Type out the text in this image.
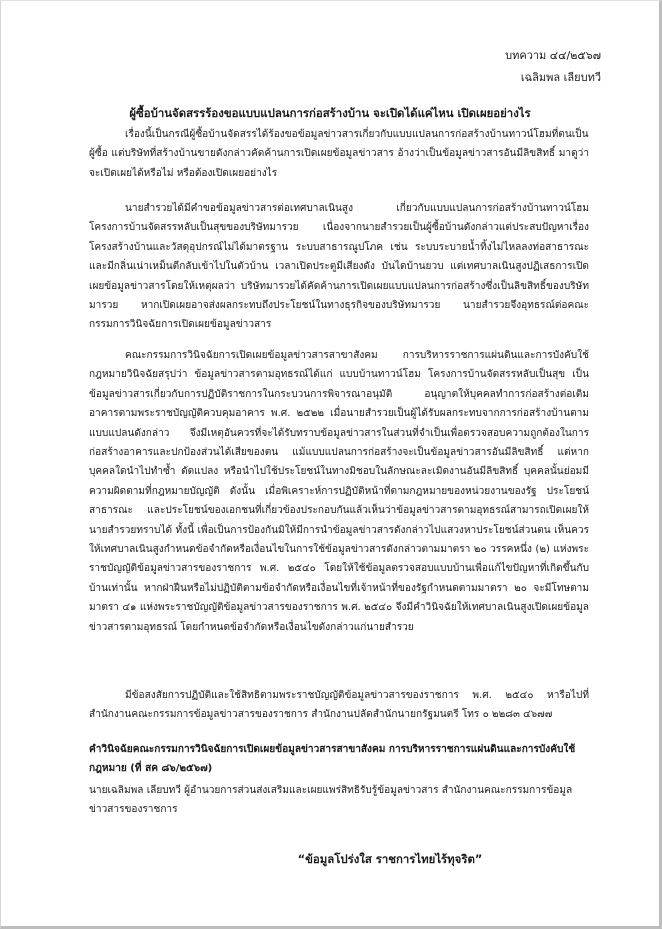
บทความ ๔๔/๒๕๖๗
เฉลิมพล เลียบทวี
ผู้ซื้อบ้านจัดสรรร้องขอแบบแปลนการก่อสร้างบ้าน จะเปิดได้แค่ไหน เปิดเผยอย่างไร

เรื่องนี้เป็นกรณีผู้ซื้อบ้านจัดสรรได้ร้องขอข้อมูลข่าวสารเกี่ยวกับแบบแปลนการก่อสร้างบ้านทาวน์โฮมที่ตนเป็นผู้ซื้อ แต่บริษัทที่สร้างบ้านขายดังกล่าวคัดค้านการเปิดเผยข้อมูลข่าวสาร อ้างว่าเป็นข้อมูลข่าวสารอันมีลิขสิทธิ์ มาดูว่าจะเปิดเผยได้หรือไม่ หรือต้องเปิดเผยอย่างไร

นายสำรวยได้มีคำขอข้อมูลข่าวสารต่อเทศบาลเนินสูง เกี่ยวกับแบบแปลนการก่อสร้างบ้านทาวน์โฮม โครงการบ้านจัดสรรหลับเป็นสุขของบริษัทมารวย เนื่องจากนายสำรวยเป็นผู้ซื้อบ้านดังกล่าวแต่ประสบปัญหาเรื่องโครงสร้างบ้านและวัสดุอุปกรณ์ไม่ได้มาตรฐาน ระบบสาธารณูปโภค เช่น ระบบระบายน้ำทิ้งไม่ไหลลงท่อสาธารณะและมีกลิ่นเน่าเหม็นตีกลับเข้าไปในตัวบ้าน เวลาเปิดประตูมีเสียงดัง บันไดบ้านยวบ แต่เทศบาลเนินสูงปฏิเสธการเปิดเผยข้อมูลข่าวสารโดยให้เหตุผลว่า บริษัทมารวยได้คัดค้านการเปิดเผยแบบแปลนการก่อสร้างซึ่งเป็นลิขสิทธิ์ของบริษัทมารวย หากเปิดเผยอาจส่งผลกระทบถึงประโยชน์ในทางธุรกิจของบริษัทมารวย นายสำรวยจึงอุทธรณ์ต่อคณะกรรมการวินิจฉัยการเปิดเผยข้อมูลข่าวสาร

คณะกรรมการวินิจฉัยการเปิดเผยข้อมูลข่าวสารสาขาสังคม การบริหารราชการแผ่นดินและการบังคับใช้กฎหมายวินิจฉัยสรุปว่า ข้อมูลข่าวสารตามอุทธรณ์ได้แก่ แบบบ้านทาวน์โฮม โครงการบ้านจัดสรรหลับเป็นสุข เป็นข้อมูลข่าวสารเกี่ยวกับการปฏิบัติราชการในกระบวนการพิจารณาอนุมัติ อนุญาตให้บุคคลทำการก่อสร้างต่อเติมอาคารตามพระราชบัญญัติควบคุมอาคาร พ.ศ. ๒๕๒๒ เมื่อนายสำรวยเป็นผู้ได้รับผลกระทบจากการก่อสร้างบ้านตามแบบแปลนดังกล่าว จึงมีเหตุอันควรที่จะได้รับทราบข้อมูลข่าวสารในส่วนที่จำเป็นเพื่อตรวจสอบความถูกต้องในการก่อสร้างอาคารและปกป้องส่วนได้เสียของตน แม้แบบแปลนการก่อสร้างจะเป็นข้อมูลข่าวสารอันมีลิขสิทธิ์ แต่หากบุคคลใดนำไปทำซ้ำ ดัดแปลง หรือนำไปใช้ประโยชน์ในทางมิชอบในลักษณะละเมิดงานอันมีลิขสิทธิ์ บุคคลนั้นย่อมมีความผิดตามที่กฎหมายบัญญัติ ดังนั้น เมื่อพิเคราะห์การปฏิบัติหน้าที่ตามกฎหมายของหน่วยงานของรัฐ ประโยชน์สาธารณะ และประโยชน์ของเอกชนที่เกี่ยวข้องประกอบกันแล้วเห็นว่าข้อมูลข่าวสารตามอุทธรณ์สามารถเปิดเผยให้นายสำรวยทราบได้ ทั้งนี้ เพื่อเป็นการป้องกันมิให้มีการนำข้อมูลข่าวสารดังกล่าวไปแสวงหาประโยชน์ส่วนตน เห็นควรให้เทศบาลเนินสูงกำหนดข้อจำกัดหรือเงื่อนไขในการใช้ข้อมูลข่าวสารดังกล่าวตามมาตรา ๒๐ วรรคหนึ่ง (๒) แห่งพระราชบัญญัติข้อมูลข่าวสารของราชการ พ.ศ. ๒๕๔๐ โดยให้ใช้ข้อมูลตรวจสอบแบบบ้านเพื่อแก้ไขปัญหาที่เกิดขึ้นกับบ้านเท่านั้น หากฝ่าฝืนหรือไม่ปฏิบัติตามข้อจำกัดหรือเงื่อนไขที่เจ้าหน้าที่ของรัฐกำหนดตามมาตรา ๒๐ จะมีโทษตามมาตรา ๔๑ แห่งพระราชบัญญัติข้อมูลข่าวสารของราชการ พ.ศ. ๒๕๔๐ จึงมีคำวินิจฉัยให้เทศบาลเนินสูงเปิดเผยข้อมูลข่าวสารตามอุทธรณ์ โดยกำหนดข้อจำกัดหรือเงื่อนไขดังกล่าวแก่นายสำรวย

มีข้อสงสัยการปฏิบัติและใช้สิทธิตามพระราชบัญญัติข้อมูลข่าวสารของราชการ พ.ศ. ๒๕๔๐ หารือไปที่สำนักงานคณะกรรมการข้อมูลข่าวสารของราชการ สำนักงานปลัดสำนักนายกรัฐมนตรี โทร ๐ ๒๒๘๓ ๔๖๗๗

คำวินิจฉัยคณะกรรมการวินิจฉัยการเปิดเผยข้อมูลข่าวสารสาขาสังคม การบริหารราชการแผ่นดินและการบังคับใช้กฎหมาย (ที่ สค ๘๖/๒๕๖๗)
นายเฉลิมพล เลียบทวี ผู้อำนวยการส่วนส่งเสริมและเผยแพร่สิทธิรับรู้ข้อมูลข่าวสาร สำนักงานคณะกรรมการข้อมูลข่าวสารของราชการ
“ข้อมูลโปร่งใส ราชการไทยไร้ทุจริต”
